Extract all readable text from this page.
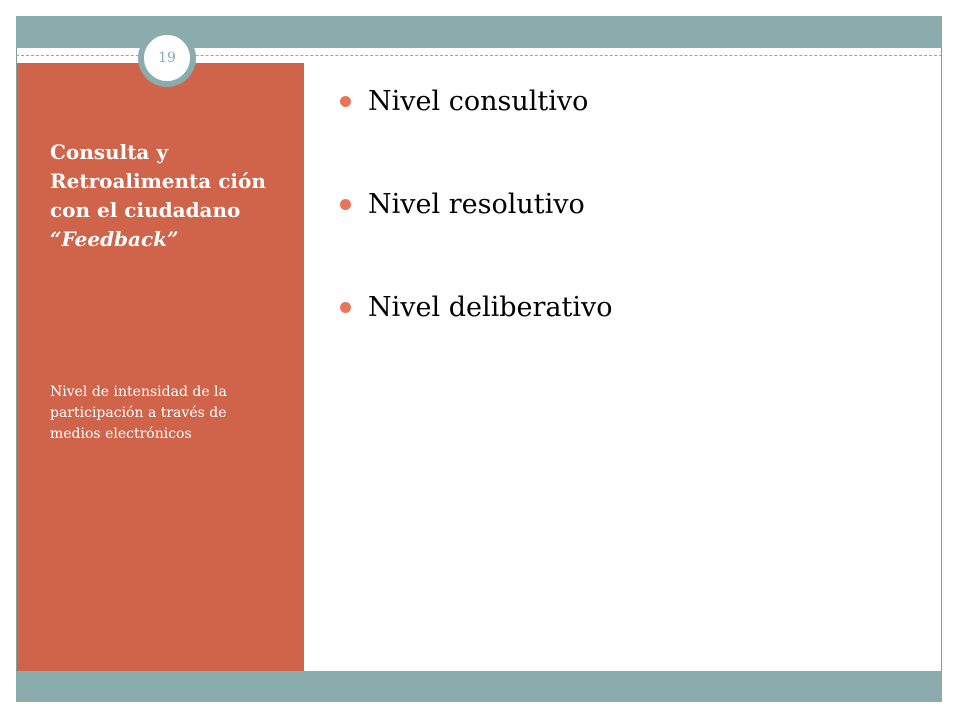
19
Consulta y Retroalimenta ción con el ciudadano
“Feedback”
Nivel de intensidad de la participación a través de medios electrónicos
Nivel consultivo
Nivel resolutivo
Nivel deliberativo
